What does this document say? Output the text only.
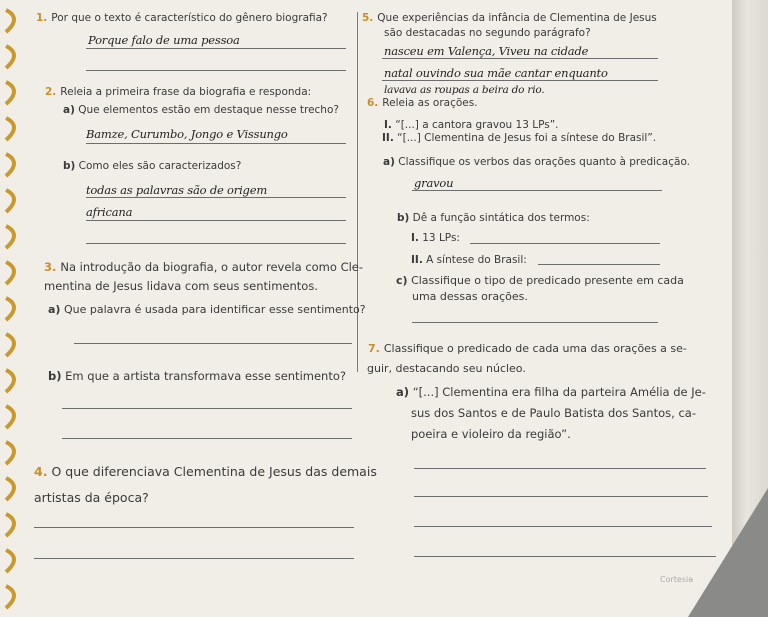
1. Por que o texto é característico do gênero biografia?
Porque falo de uma pessoa
2. Releia a primeira frase da biografia e responda:
a) Que elementos estão em destaque nesse trecho?
Bamze, Curumbo, Jongo e Vissungo
b) Como eles são caracterizados?
todas as palavras são de origem
africana
3. Na introdução da biografia, o autor revela como Cle-
mentina de Jesus lidava com seus sentimentos.
a) Que palavra é usada para identificar esse sentimento?
b) Em que a artista transformava esse sentimento?
4. O que diferenciava Clementina de Jesus das demais
artistas da época?
5. Que experiências da infância de Clementina de Jesus
são destacadas no segundo parágrafo?
nasceu em Valença, Viveu na cidade
natal ouvindo sua mãe cantar enquanto
lavava as roupas a beira do rio.
6. Releia as orações.
I. “[...] a cantora gravou 13 LPs”.
II. “[...] Clementina de Jesus foi a síntese do Brasil”.
a) Classifique os verbos das orações quanto à predicação.
gravou
b) Dê a função sintática dos termos:
I. 13 LPs:
II. A síntese do Brasil:
c) Classifique o tipo de predicado presente em cada
uma dessas orações.
7. Classifique o predicado de cada uma das orações a se-
guir, destacando seu núcleo.
a) “[...] Clementina era filha da parteira Amélia de Je-
sus dos Santos e de Paulo Batista dos Santos, ca-
poeira e violeiro da região”.
Cortesia
